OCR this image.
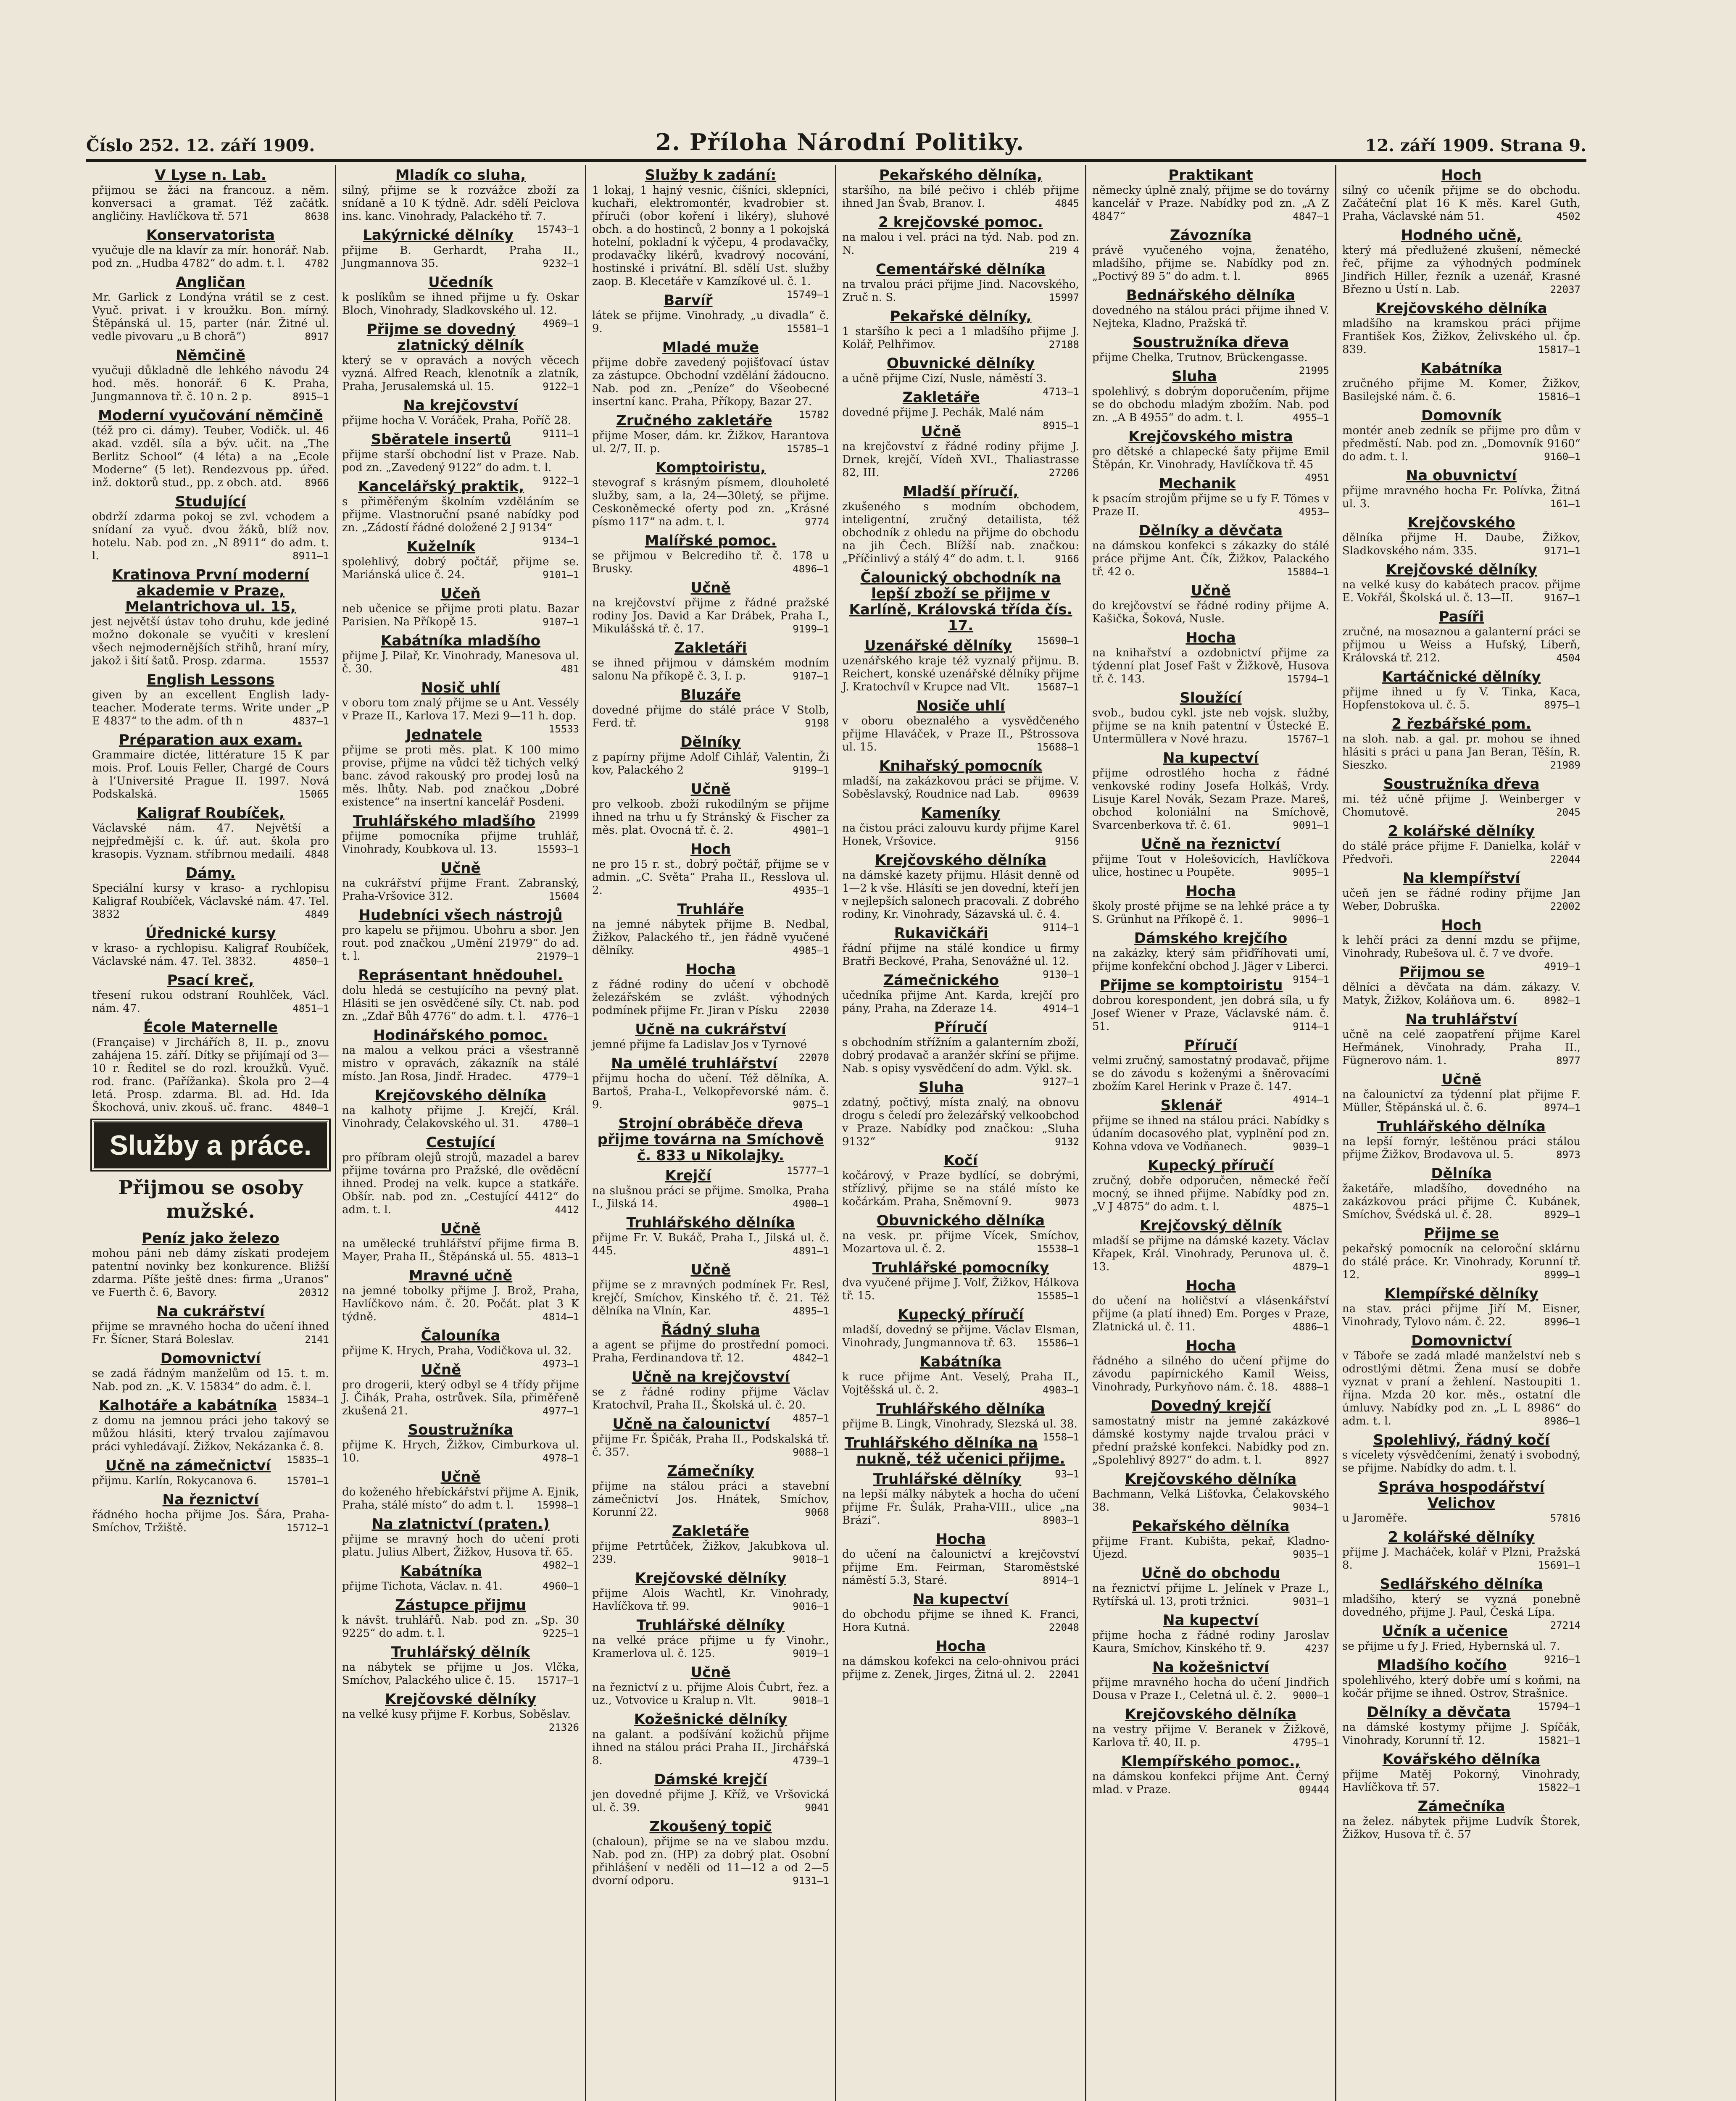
Číslo 252. 12. září 1909.	2. Příloha Národní Politiky.	12. září 1909. Strana 9.
V Lyse n. Lab.
přijmou se žáci na francouz. a něm. konversaci a gramat. Též začátk. angličiny. Havlíčkova tř. 571	8638
Konservatorista
vyučuje dle na klavír za mír. honorář. Nab. pod zn. „Hudba 4782“ do adm. t. l. 4782
Angličan
Mr. Garlick z Londýna vrátil se z cest. Vyuč. privat. i v kroužku. Bon. mírný. Štěpánská ul. 15, parter (nár. Žitné ul. vedle pivovaru „u B choră“)	8917
Němčině
vyučuji důkladně dle lehkého návodu 24 hod. měs. honorář. 6 K. Praha, Jungmannova tř. č. 10 n. 2 p.	8915—1
Moderní vyučování němčině
(též pro ci. dámy). Teuber, Vodičk. ul. 46 akad. vzděl. síla a býv. učit. na „The Berlitz School“ (4 léta) a na „Ecole Moderne“ (5 let). Rendezvous pp. úřed. inž. doktorů stud., pp. z obch. atd. 8966
Studující
obdrží zdarma pokoj se zvl. vchodem a snídaní za vyuč. dvou žáků, blíž nov. hotelu. Nab. pod zn. „N 8911“ do adm. t. l.	8911—1
Kratinova První moderní akademie v Praze, Melantrichova ul. 15,
jest největší ústav toho druhu, kde jediné možno dokonale se vyučiti v kreslení všech nejmodernějších střihů, hraní míry, jakož i šití šatů. Prosp. zdarma.	15537
English Lessons
given by an excellent English lady-teacher. Moderate terms. Write under „P E 4837“ to the adm. of th n	4837—1
Préparation aux exam.
Grammaire dictée, littérature 15 K par mois. Prof. Louis Feller, Chargé de Cours à l’Université Prague II. 1997. Nová Podskalská.	15065
Kaligraf Roubíček,
Václavské nám. 47. Největší a nejpředmější c. k. úř. aut. škola pro krasopis. Vyznam. stříbrnou medailí. 4848
Dámy.
Speciální kursy v kraso- a rychlopisu Kaligraf Roubíček, Václavské nám. 47. Tel. 3832	4849
Úřednické kursy
v kraso- a rychlopisu. Kaligraf Roubíček, Václavské nám. 47. Tel. 3832.	4850—1
Psací kreč,
třesení rukou odstraní Rouhlček, Václ. nám. 47.	4851—1
École Maternelle
(Française) v Jirchářích 8, II. p., znovu zahájena 15. září. Dítky se přijímají od 3—10 r. Ředitel se do rozl. kroužků. Vyuč. rod. franc. (Pařížanka). Škola pro 2—4 letá. Prosp. zdarma. Bl. ad. Hd. Ida Škochová, univ. zkouš. uč. franc. 4840—1
Služby a práce.
Přijmou se osoby mužské.
Peníz jako železo
mohou páni neb dámy získati prodejem patentní novinky bez konkurence. Bližší zdarma. Píšte ještě dnes: firma „Uranos“ ve Fuerth č. 6, Bavory.	20312
Na cukrářství
přijme se mravného hocha do učení ihned Fr. Šícner, Stará Boleslav.	2141
Domovnictví
se zadá řádným manželům od 15. t. m. Nab. pod zn. „K. V. 15834“ do adm. č. l.
15834—1
Kalhotáře a kabátníka
z domu na jemnou práci jeho takový se můžou hlásiti, který trvalou zajímavou práci vyhledávají. Žižkov, Nekázanka č. 8.
15835—1
Učně na zámečnictví
přijmu. Karlín, Rokycanova 6.	15701—1
Na řeznictví
řádného hocha přijme Jos. Šára, Praha-Smíchov, Tržiště.	15712—1
Mladík co sluha,
silný, přijme se k rozvážce zboží za snídaně a 10 K týdně. Adr. sdělí Peiclova ins. kanc. Vinohrady, Palackého tř. 7.
15743—1
Lakýrnické dělníky
přijme B. Gerhardt, Praha II., Jungmannova 35.	9232—1
Učedník
k poslíkům se ihned přijme u fy. Oskar Bloch, Vinohrady, Sladkovského ul. 12.
4969—1
Přijme se dovedný zlatnický dělník
který se v opravách a nových věcech vyzná. Alfred Reach, klenotník a zlatník, Praha, Jerusalemská ul. 15.	9122—1
Na krejčovství
přijme hocha V. Voráček, Praha, Poříč 28.
9111—1
Sběratele insertů
přijme starší obchodní list v Praze. Nab. pod zn. „Zavedený 9122“ do adm. t. l.
9122—1
Kancelářský praktik,
s přiměřeným školním vzděláním se přijme. Vlastnoruční psané nabídky pod zn. „Zádostí řádné doložené 2 J 9134“
9134—1
Kuželník
spolehlivý, dobrý počtář, přijme se. Mariánská ulice č. 24.	9101—1
Učeň
neb učenice se přijme proti platu. Bazar Parisien. Na Příkopě 15.	9107—1
Kabátníka mladšího
přijme J. Pilař, Kr. Vinohrady, Manesova ul. č. 30.	481
Nosič uhlí
v oboru tom znalý přijme se u Ant. Vessély v Praze II., Karlova 17. Mezi 9—11 h. dop.
15533
Jednatele
přijme se proti měs. plat. K 100 mimo provise, přijme na vůdci těž tichých velký banc. závod rakouský pro prodej losů na měs. lhůty. Nab. pod značkou „Dobré existence“ na insertní kancelář Posdeni.
21999
Truhlářského mladšího
přijme pomocníka přijme truhlář, Vinohrady, Koubkova ul. 13.	15593—1
Učně
na cukrářství přijme Frant. Zabranský, Praha-Vršovice 312.	15604
Hudebníci všech nástrojů
pro kapelu se přijmou. Ubohru a sbor. Jen rout. pod značkou „Umění 21979“ do ad. t. l.	21979—1
Reprásentant hnědouhel.
dolu hledá se cestujícího na pevný plat. Hlásiti se jen osvědčené síly. Ct. nab. pod zn. „Zdař Bůh 4776“ do adm. t. l. 4776—1
Hodinářského pomoc.
na malou a velkou práci a všestranně mistro v opravách, zákazník na stálé místo. Jan Rosa, Jindř. Hradec.	4779—1
Krejčovského dělníka
na kalhoty přijme J. Krejčí, Král. Vinohrady, Čelakovského ul. 31. 4780—1
Cestující
pro příbram olejů strojů, mazadel a barev přijme továrna pro Pražské, dle ověděcní ihned. Prodej na velk. kupce a statkáře. Obšír. nab. pod zn. „Cestující 4412“ do adm. t. l.	4412
Učně
na umělecké truhlářství přijme firma B. Mayer, Praha II., Štěpánská ul. 55. 4813—1
Mravné učně
na jemné tobolky přijme J. Brož, Praha, Havlíčkovo nám. č. 20. Počát. plat 3 K týdně.	4814—1
Čalouníka
přijme K. Hrych, Praha, Vodičkova ul. 32.
4973—1
Učně
pro drogerii, který odbyl se 4 třídy přijme J. Čihák, Praha, ostrůvek. Síla, přiměřeně zkušená 21.	4977—1
Soustružníka
přijme K. Hrych, Žižkov, Cimburkova ul. 10.	4978—1
Učně
do koženého hřebíckářství přijme A. Ejnik, Praha, stálé místo“ do adm t. l. 15998—1
Na zlatnictví (praten.)
přijme se mravný hoch do učení proti platu. Julius Albert, Žižkov, Husova tř. 65.
4982—1
Kabátníka
přijme Tichota, Václav. n. 41.	4960—1
Zástupce přijmu
k návšt. truhlářů. Nab. pod zn. „Sp. 30 9225“ do adm. t. l.	9225—1
Truhlářský dělník
na nábytek se přijme u Jos. Vlčka, Smíchov, Palackého ulice č. 15. 15717—1
Krejčovské dělníky
na velké kusy přijme F. Korbus, Soběslav.
21326
Služby k zadání:
1 lokaj, 1 hajný vesnic, číšníci, sklepníci, kuchaři, elektromontér, kvadrobier st. příruči (obor koření i likéry), sluhové obch. a do hostinců, 2 bonny a 1 pokojská hotelní, pokladní k výčepu, 4 prodavačky, prodavačky likérů, kvadrový nocování, hostinské i privátní. Bl. sdělí Ust. služby zaop. B. Klecetáře v Kamzíkové ul. č. 1.
15749—1
Barvíř
látek se přijme. Vinohrady, „u divadla“ č. 9.	15581—1
Mladé muže
přijme dobře zavedený pojišťovací ústav za zástupce. Obchodní vzdělání žádoucno. Nab. pod zn. „Peníze“ do Všeobecné insertní kanc. Praha, Příkopy, Bazar 27.
15782
Zručného zakletáře
přijme Moser, dám. kr. Žižkov, Harantova ul. 2/7, II. p.	15785—1
Komptoiristu,
stevograf s krásným písmem, dlouholeté služby, sam, a la, 24—30letý, se přijme. Ceskoněmecké oferty pod zn. „Krásné písmo 117“ na adm. t. l.	9774
Malířské pomoc.
se přijmou v Belcrediho tř. č. 178 u Brusky.	4896—1
Učně
na krejčovství přijme z řádné pražské rodiny Jos. David a Kar Drábek, Praha I., Mikulášská tř. č. 17.	9199—1
Zakletáři
se ihned přijmou v dámském modním salonu Na příkopě č. 3, I. p.	9107—1
Bluzáře
dovedné přijme do stálé práce V Stolb, Ferd. tř.	9198
Dělníky
z papírny přijme Adolf Cihlář, Valentin, Ži kov, Palackého 2	9199—1
Učně
pro velkoob. zboží rukodilným se přijme ihned na trhu u fy Stránský & Fischer za měs. plat. Ovocná tř. č. 2.	4901—1
Hoch
ne pro 15 r. st., dobrý počtář, přijme se v admin. „C. Světa“ Praha II., Resslova ul. 2.	4935—1
Truhláře
na jemné nábytek přijme B. Nedbal, Žižkov, Palackého tř., jen řádně vyučené dělníky.	4985—1
Hocha
z řádné rodiny do učení v obchodě železářském se zvlášt. výhodných podmínek přijme Fr. Jiran v Písku 22030
Učně na cukrářství
jemné přijme fa Ladislav Jos v Tyrnové
22070
Na umělé truhlářství
přijmu hocha do učení. Též dělníka, A. Bartoš, Praha-I., Velkopřevorské nám. č. 9.	9075—1
Strojní obráběče dřeva přijme továrna na Smíchově č. 833 u Nikolajky.
15777—1
Krejčí
na slušnou práci se přijme. Smolka, Praha I., Jilská 14.	4900—1
Truhlářského dělníka
přijme Fr. V. Bukáč, Praha I., Jilská ul. č. 445.	4891—1
Učně
přijme se z mravných podmínek Fr. Resl, krejčí, Smíchov, Kinského tř. č. 21. Též dělníka na Vlnín, Kar.	4895—1
Řádný sluha
a agent se přijme do prostřední pomoci. Praha, Ferdinandova tř. 12.	4842—1
Učně na krejčovství
se z řádné rodiny přijme Václav Kratochvíl, Praha II., Školská ul. č. 20.
4857—1
Učně na čalounictví
přijme Fr. Špičák, Praha II., Podskalská tř. č. 357.	9088—1
Zámečníky
přijme na stálou práci a stavební zámečnictví Jos. Hnátek, Smíchov, Korunní 22.	9068
Zakletáře
přijme Petrtůček, Žižkov, Jakubkova ul. 239.	9018—1
Krejčovské dělníky
přijme Alois Wachtl, Kr. Vinohrady, Havlíčkova tř. 99.	9016—1
Truhlářské dělníky
na velké práce přijme u fy Vinohr., Kramerlova ul. č. 125.	9019—1
Učně
na řeznictví z u. přijme Alois Čubrt, řez. a uz., Votvovice u Kralup n. Vlt.	9018—1
Kožešnické dělníky
na galant. a podšívání kožichů přijme ihned na stálou práci Praha II., Jirchářská 8.	4739—1
Dámské krejčí
jen dovedné přijme J. Kříž, ve Vršovická ul. č. 39.	9041
Zkoušený topič
(chaloun), přijme se na ve slabou mzdu. Nab. pod zn. (HP) za dobrý plat. Osobní přihlášení v neděli od 11—12 a od 2—5 dvorní odporu.	9131—1
Pekařského dělníka,
staršího, na bílé pečivo i chléb přijme ihned Jan Švab, Branov. I.	4845
2 krejčovské pomoc.
na malou i vel. práci na týd. Nab. pod zn. N.	219 4
Cementářské dělníka
na trvalou práci přijme Jind. Nacovského, Zruč n. S.	15997
Pekařské dělníky,
1 staršího k peci a 1 mladšího přijme J. Kolář, Pelhřimov.	27188
Obuvnické dělníky
a učně přijme Cizí, Nusle, náměstí 3.
4713—1
Zakletáře
dovedné přijme J. Pechák, Malé nám
8915—1
Učně
na krejčovství z řádné rodiny přijme J. Drnek, krejčí, Vídeň XVI., Thaliastrasse 82, III.	27206
Mladší příručí,
zkušeného s modním obchodem, inteligentní, zručný detailista, též obchodník z ohledu na přijme do obchodu na jih Čech. Blížší nab. značkou: „Příčinlivý a stálý 4“ do adm. t. l.	9166
Čalounický obchodník na lepší zboží se přijme v Karlíně, Královská třída čís. 17.
15690—1
Uzenářské dělníky
uzenářského kraje též vyznalý přijmu. B. Reichert, konské uzenářské dělníky přijme J. Kratochvíl v Krupce nad Vlt.	15687—1
Nosiče uhlí
v oboru obeznalého a vysvědčeného přijme Hlaváček, v Praze II., Pštrossova ul. 15.	15688—1
Knihařský pomocník
mladší, na zakázkovou práci se přijme. V. Soběslavský, Roudnice nad Lab.	09639
Kameníky
na čistou práci zalouvu kurdy přijme Karel Honek, Vršovice.	9156
Krejčovského dělníka
na dámské kazety přijmu. Hlásit denně od 1—2 k vše. Hlásíti se jen dovední, kteří jen v nejlepších salonech pracovali. Z dobrého rodiny, Kr. Vinohrady, Sázavská ul. č. 4.
9114—1
Rukavičkáři
řádní přijme na stálé kondice u firmy Bratři Beckové, Praha, Senovážné ul. 12.
9130—1
Zámečnického
učedníka přijme Ant. Karda, krejčí pro pány, Praha, na Zderaze 14.	4914—1
Příručí
s obchodním střížním a galanterním zboží, dobrý prodavač a aranžér skříní se přijme. Nab. s opisy vysvědčení do adm. Výkl. sk.
9127—1
Sluha
zdatný, počtivý, místa znalý, na obnovu drogu s čeledí pro železářský velkoobchod v Praze. Nabídky pod značkou: „Sluha 9132“	9132
Kočí
kočárový, v Praze bydlící, se dobrými, střízlivý, přijme se na stálé místo ke kočárkám. Praha, Sněmovní 9.	9073
Obuvnického dělníka
na vesk. pr. přijme Vícek, Smíchov, Mozartova ul. č. 2.	15538—1
Truhlářské pomocníky
dva vyučené přijme J. Volf, Žižkov, Hálkova tř. 15.	15585—1
Kupecký příručí
mladší, dovedný se přijme. Václav Elsman, Vinohrady, Jungmannova tř. 63. 15586—1
Kabátníka
k ruce přijme Ant. Veselý, Praha II., Vojtěšská ul. č. 2.	4903—1
Truhlářského dělníka
přijme B. Lingk, Vinohrady, Slezská ul. 38.
1558—1
Truhlářského dělníka na nukně, též učenici přijme.
93—1
Truhlářské dělníky
na lepší málky nábytek a hocha do učení přijme Fr. Šulák, Praha-VIII., ulice „na Brázi“.	8903—1
Hocha
do učení na čalounictví a krejčovství přijme Em. Feirman, Staroměstské náměstí 5.3, Staré.	8914—1
Na kupectví
do obchodu přijme se ihned K. Franci, Hora Kutná.	22048
Hocha
na dámskou kofekci na celo-ohnivou práci přijme z. Zenek, Jirges, Žitná ul. 2. 22041
Praktikant
německy úplně znalý, přijme se do továrny kancelář v Praze. Nabídky pod zn. „A Z 4847“	4847—1
Závozníka
právě vyučeného vojna, ženatého, mladšího, přijme se. Nabídky pod zn. „Poctivý 89 5“ do adm. t. l.	8965
Bednářského dělníka
dovedného na stálou práci přijme ihned V. Nejteka, Kladno, Pražská tř.
Soustružníka dřeva
přijme Chelka, Trutnov, Brückengasse.
21995
Sluha
spolehlivý, s dobrým doporučením, přijme se do obchodu mladým zbožím. Nab. pod zn. „A B 4955“ do adm. t. l.	4955—1
Krejčovského mistra
pro dětské a chlapecké šaty přijme Emil Štěpán, Kr. Vinohrady, Havlíčkova tř. 45
4951
Mechanik
k psacím strojům přijme se u fy F. Tömes v Praze II.	4953—
Dělníky a děvčata
na dámskou konfekci s zákazky do stálé práce přijme Ant. Čík, Žižkov, Palackého tř. 42 o.	15804—1
Učně
do krejčovství se řádné rodiny přijme A. Kašička, Šoková, Nusle.
Hocha
na knihařství a ozdobnictví přijme za týdenní plat Josef Fašt v Žižkově, Husova tř. č. 143.	15794—1
Sloužící
svob., budou cykl. jste neb vojsk. služby, přijme se na knih patentní v Ústecké E. Untermüllera v Nové hrazu.	15767—1
Na kupectví
přijme odrostlého hocha z řádné venkovské rodiny Josefa Holkáš, Vrdy. Lisuje Karel Novák, Sezam Praze. Mareš, obchod koloniální na Smíchově, Svarcenberkova tř. č. 61.	9091—1
Učně na řeznictví
přijme Tout v Holešovicích, Havlíčkova ulice, hostinec u Poupěte.	9095—1
Hocha
školy prosté přijme se na lehké práce a ty S. Grünhut na Příkopě č. 1.	9096—1
Dámského krejčího
na zakázky, který sám přiďříhovati umí, přijme konfekční obchod J. Jäger v Liberci.
9154—1
Přijme se komptoiristu
dobrou korespondent, jen dobrá síla, u fy Josef Wiener v Praze, Václavské nám. č. 51.	9114—1
Příručí
velmi zručný, samostatný prodavač, přijme se do závodu s koženými a šněrovacími zbožím Karel Herink v Praze č. 147.
4914—1
Sklenář
přijme se ihned na stálou práci. Nabídky s údaním docasového plat, vyplnění pod zn. Kohna vdova ve Vodňanech.	9039—1
Kupecký příručí
zručný, dobře odporučen, německé řečí mocný, se ihned přijme. Nabídky pod zn. „V J 4875“ do adm. t. l.	4875—1
Krejčovský dělník
mladší se přijme na dámské kazety. Václav Křapek, Král. Vinohrady, Perunova ul. č. 13.	4879—1
Hocha
do učení na holičství a vlásenkářství přijme (a platí ihned) Em. Porges v Praze, Zlatnická ul. č. 11.	4886—1
Hocha
řádného a silného do učení přijme do závodu papírnického Kamil Weiss, Vinohrady, Purkyňovo nám. č. 18. 4888—1
Dovedný krejčí
samostatný mistr na jemné zakázkové dámské kostymy najde trvalou práci v přední pražské konfekci. Nabídky pod zn. „Spolehlivý 8927“ do adm. t. l.	8927
Krejčovského dělníka
Bachmann, Velká Lišťovka, Čelakovského 38.	9034—1
Pekařského dělníka
přijme Frant. Kubišta, pekař, Kladno-Újezd.	9035—1
Učně do obchodu
na řeznictví přijme L. Jelínek v Praze I., Rytířská ul. 13, proti tržnici.	9031—1
Na kupectví
přijme hocha z řádné rodiny Jaroslav Kaura, Smíchov, Kinského tř. 9.	4237
Na kožešnictví
přijme mravného hocha do učení Jindřich Dousa v Praze I., Celetná ul. č. 2. 9000—1
Krejčovského dělníka
na vestry přijme V. Beranek v Žižkově, Karlova tř. 40, II. p.	4795—1
Klempířského pomoc.,
na dámskou konfekci přijme Ant. Černý mlad. v Praze.	09444
Hoch
silný co učeník přijme se do obchodu. Začáteční plat 16 K měs. Karel Guth, Praha, Václavské nám 51.	4502
Hodného učně,
který má předlužené zkušení, německé řeč, přijme za výhodných podmínek Jindřich Hiller, řezník a uzenář, Krasné Březno u Ústí n. Lab.	22037
Krejčovského dělníka
mladšího na kramskou práci přijme František Kos, Žižkov, Želivského ul. čp. 839.	15817—1
Kabátníka
zručného přijme M. Komer, Žižkov, Basilejské nám. č. 6.	15816—1
Domovník
montér aneb zedník se přijme pro dům v předměstí. Nab. pod zn. „Domovník 9160“ do adm. t. l.	9160—1
Na obuvnictví
přijme mravného hocha Fr. Polívka, Žitná ul. 3.	161—1
Krejčovského
dělníka přijme H. Daube, Žižkov, Sladkovského nám. 335.	9171—1
Krejčovské dělníky
na velké kusy do kabátech pracov. přijme E. Vokřál, Školská ul. č. 13—II.	9167—1
Pasíři
zručné, na mosaznou a galanterní práci se přijmou u Weiss a Hufský, Liberň, Královská tř. 212.	4504
Kartáčnické dělníky
přijme ihned u fy V. Tinka, Kaca, Hopfenstokova ul. č. 5.	8975—1
2 řezbářské pom.
na sloh. nab. a gal. pr. mohou se ihned hlásiti s práci u pana Jan Beran, Těšín, R. Sieszko.	21989
Soustružníka dřeva
mi. též učně přijme J. Weinberger v Chomutově.	2045
2 kolářské dělníky
do stálé práce přijme F. Danielka, kolář v Předvoři.	22044
Na klempířství
učeň jen se řádné rodiny přijme Jan Weber, Dobruška.	22002
Hoch
k lehčí práci za denní mzdu se přijme, Vinohrady, Rubešova ul. č. 7 ve dvoře.
4919—1
Přijmou se
dělníci a děvčata na dám. zákazy. V. Matyk, Žižkov, Koláňova um. 6.	8982—1
Na truhlářství
učně na celé zaopatření přijme Karel Heřmánek, Vinohrady, Praha II., Fügnerovo nám. 1.	8977
Učně
na čalounictví za týdenní plat přijme F. Müller, Štěpánská ul. č. 6.	8974—1
Truhlářského dělníka
na lepší fornýr, leštěnou práci stálou přijme Žižkov, Brodavova ul. 5.	8973
Dělníka
žaketáře, mladšího, dovedného na zakázkovou práci přijme Č. Kubánek, Smíchov, Švédská ul. č. 28.	8929—1
Přijme se
pekařský pomocník na celoroční sklárnu do stálé práce. Kr. Vinohrady, Korunní tř. 12.	8999—1
Klempířské dělníky
na stav. práci přijme Jiří M. Eisner, Vinohrady, Tylovo nám. č. 22.	8996—1
Domovnictví
v Táboře se zadá mladé manželství neb s odrostlými dětmi. Žena musí se dobře vyznat v praní a žehlení. Nastoupiti 1. října. Mzda 20 kor. měs., ostatní dle úmluvy. Nabídky pod zn. „L L 8986“ do adm. t. l.	8986—1
Spolehlivý, řádný kočí
s vícelety výsvědčeními, ženatý i svobodný, se přijme. Nabídky do adm. t. l.
Správa hospodářství Velichov
u Jaroměře.	57816
2 kolářské dělníky
přijme J. Macháček, kolář v Plzni, Pražská 8.	15691—1
Sedlářského dělníka
mladšího, který se vyzná ponebně dovedného, přijme J. Paul, Česká Lípa.
27214
Učník a učenice
se přijme u fy J. Fried, Hybernská ul. 7.
9216—1
Mladšího kočího
spolehlivého, který dobře umí s koňmi, na kočár přijme se ihned. Ostrov, Strašnice.
15794—1
Dělníky a děvčata
na dámské kostymy přijme J. Spíčák, Vinohrady, Korunní tř. 12.	15821—1
Kovářského dělníka
přijme Matěj Pokorný, Vinohrady, Havlíčkova tř. 57.	15822—1
Zámečníka
na želez. nábytek přijme Ludvík Štorek, Žižkov, Husova tř. č. 57
